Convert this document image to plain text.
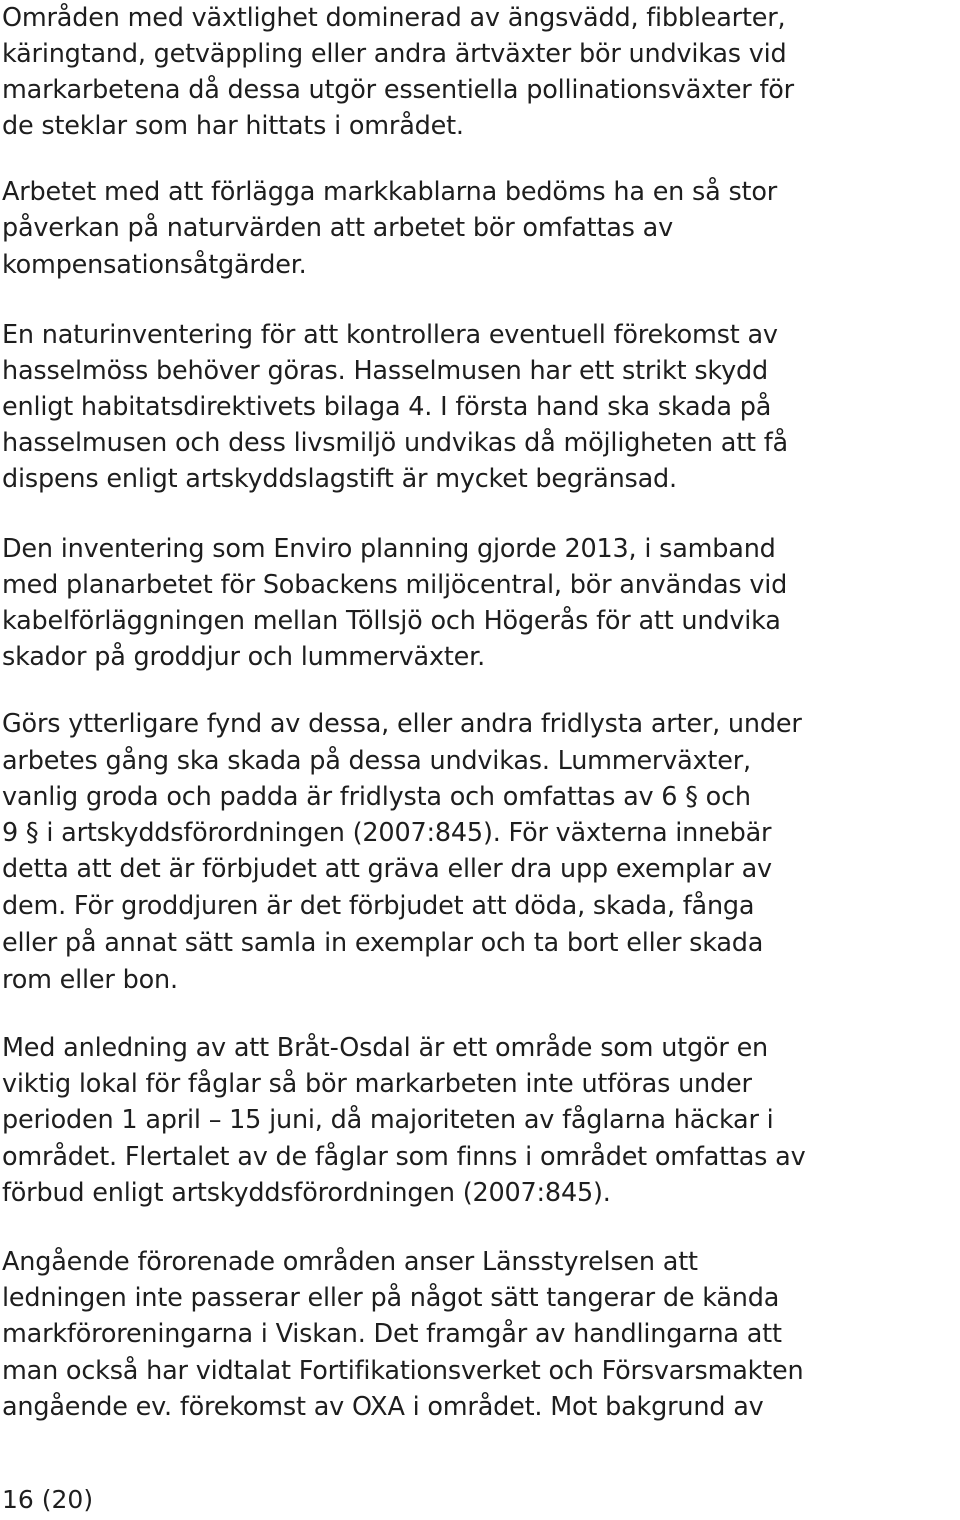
Områden med växtlighet dominerad av ängsvädd, fibblearter,
käringtand, getväppling eller andra ärtväxter bör undvikas vid
markarbetena då dessa utgör essentiella pollinationsväxter för
de steklar som har hittats i området.
Arbetet med att förlägga markkablarna bedöms ha en så stor
påverkan på naturvärden att arbetet bör omfattas av
kompensationsåtgärder.
En naturinventering för att kontrollera eventuell förekomst av
hasselmöss behöver göras. Hasselmusen har ett strikt skydd
enligt habitatsdirektivets bilaga 4. I första hand ska skada på
hasselmusen och dess livsmiljö undvikas då möjligheten att få
dispens enligt artskyddslagstift är mycket begränsad.
Den inventering som Enviro planning gjorde 2013, i samband
med planarbetet för Sobackens miljöcentral, bör användas vid
kabelförläggningen mellan Töllsjö och Högerås för att undvika
skador på groddjur och lummerväxter.
Görs ytterligare fynd av dessa, eller andra fridlysta arter, under
arbetes gång ska skada på dessa undvikas. Lummerväxter,
vanlig groda och padda är fridlysta och omfattas av 6 § och
9 § i artskyddsförordningen (2007:845). För växterna innebär
detta att det är förbjudet att gräva eller dra upp exemplar av
dem. För groddjuren är det förbjudet att döda, skada, fånga
eller på annat sätt samla in exemplar och ta bort eller skada
rom eller bon.
Med anledning av att Bråt-Osdal är ett område som utgör en
viktig lokal för fåglar så bör markarbeten inte utföras under
perioden 1 april – 15 juni, då majoriteten av fåglarna häckar i
området. Flertalet av de fåglar som finns i området omfattas av
förbud enligt artskyddsförordningen (2007:845).
Angående förorenade områden anser Länsstyrelsen att
ledningen inte passerar eller på något sätt tangerar de kända
markföroreningarna i Viskan. Det framgår av handlingarna att
man också har vidtalat Fortifikationsverket och Försvarsmakten
angående ev. förekomst av OXA i området. Mot bakgrund av
16 (20)
